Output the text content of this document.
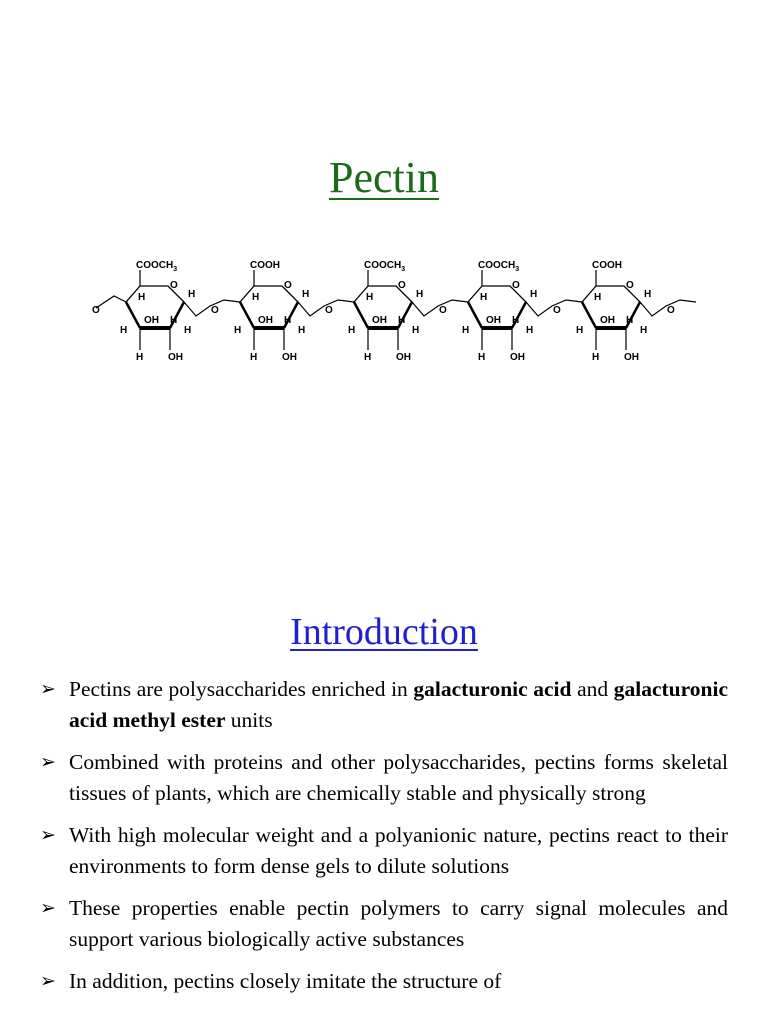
Pectin
$COOCH_3$
O
H	H
OH H
H	H
H OH
O
COOH
O
H	H
OH H
H	H
H OH
O
$COOCH_3$
O
H	H
OH H
H	H
H OH
O
$COOCH_3$
O
H	H
OH H
H	H
H OH
O
COOH
O
H	H
OH H
H	H
H OH
O
O
Introduction
➢ Pectins are polysaccharides enriched in galacturonic acid and galacturonic acid methyl ester units
➢ Combined with proteins and other polysaccharides, pectins forms skeletal tissues of plants, which are chemically stable and physically strong
➢ With high molecular weight and a polyanionic nature, pectins react to their environments to form dense gels to dilute solutions
➢ These properties enable pectin polymers to carry signal molecules and support various biologically active substances
➢ In addition, pectins closely imitate the structure of
